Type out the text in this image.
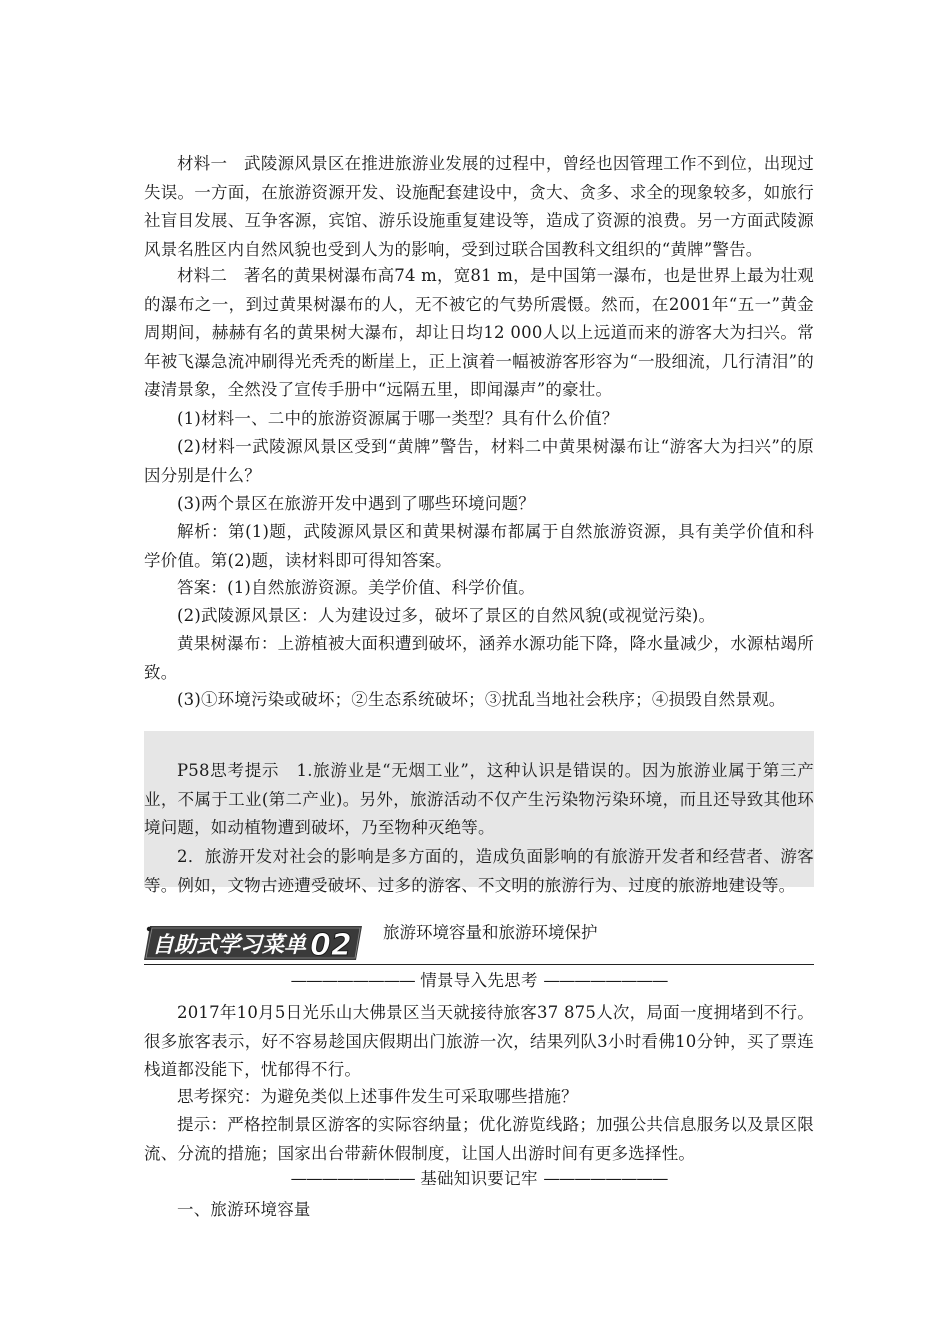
材料一　武陵源风景区在推进旅游业发展的过程中，曾经也因管理工作不到位，出现过失误。一方面，在旅游资源开发、设施配套建设中，贪大、贪多、求全的现象较多，如旅行社盲目发展、互争客源，宾馆、游乐设施重复建设等，造成了资源的浪费。另一方面武陵源风景名胜区内自然风貌也受到人为的影响，受到过联合国教科文组织的“黄牌”警告。

材料二　著名的黄果树瀑布高74 m，宽81 m，是中国第一瀑布，也是世界上最为壮观的瀑布之一，到过黄果树瀑布的人，无不被它的气势所震慑。然而，在2001年“五一”黄金周期间，赫赫有名的黄果树大瀑布，却让日均12 000人以上远道而来的游客大为扫兴。常年被飞瀑急流冲刷得光秃秃的断崖上，正上演着一幅被游客形容为“一股细流，几行清泪”的凄清景象，全然没了宣传手册中“远隔五里，即闻瀑声”的豪壮。

(1)材料一、二中的旅游资源属于哪一类型？具有什么价值？

(2)材料一武陵源风景区受到“黄牌”警告，材料二中黄果树瀑布让“游客大为扫兴”的原因分别是什么？

(3)两个景区在旅游开发中遇到了哪些环境问题？

解析：第(1)题，武陵源风景区和黄果树瀑布都属于自然旅游资源，具有美学价值和科学价值。第(2)题，读材料即可得知答案。

答案：(1)自然旅游资源。美学价值、科学价值。

(2)武陵源风景区：人为建设过多，破坏了景区的自然风貌(或视觉污染)。

黄果树瀑布：上游植被大面积遭到破坏，涵养水源功能下降，降水量减少，水源枯竭所致。

(3)①环境污染或破坏；②生态系统破坏；③扰乱当地社会秩序；④损毁自然景观。

P58思考提示　1.旅游业是“无烟工业”，这种认识是错误的。因为旅游业属于第三产业，不属于工业(第二产业)。另外，旅游活动不仅产生污染物污染环境，而且还导致其他环境问题，如动植物遭到破坏，乃至物种灭绝等。

2．旅游开发对社会的影响是多方面的，造成负面影响的有旅游开发者和经营者、游客等。例如，文物古迹遭受破坏、过多的游客、不文明的旅游行为、过度的旅游地建设等。

自助式学习菜单 02 旅游环境容量和旅游环境保护
———————— 情景导入先思考 ————————

2017年10月5日光乐山大佛景区当天就接待旅客37 875人次，局面一度拥堵到不行。很多旅客表示，好不容易趁国庆假期出门旅游一次，结果列队3小时看佛10分钟，买了票连栈道都没能下，忧郁得不行。

思考探究：为避免类似上述事件发生可采取哪些措施？

提示：严格控制景区游客的实际容纳量；优化游览线路；加强公共信息服务以及景区限流、分流的措施；国家出台带薪休假制度，让国人出游时间有更多选择性。

———————— 基础知识要记牢 ————————

一、旅游环境容量
